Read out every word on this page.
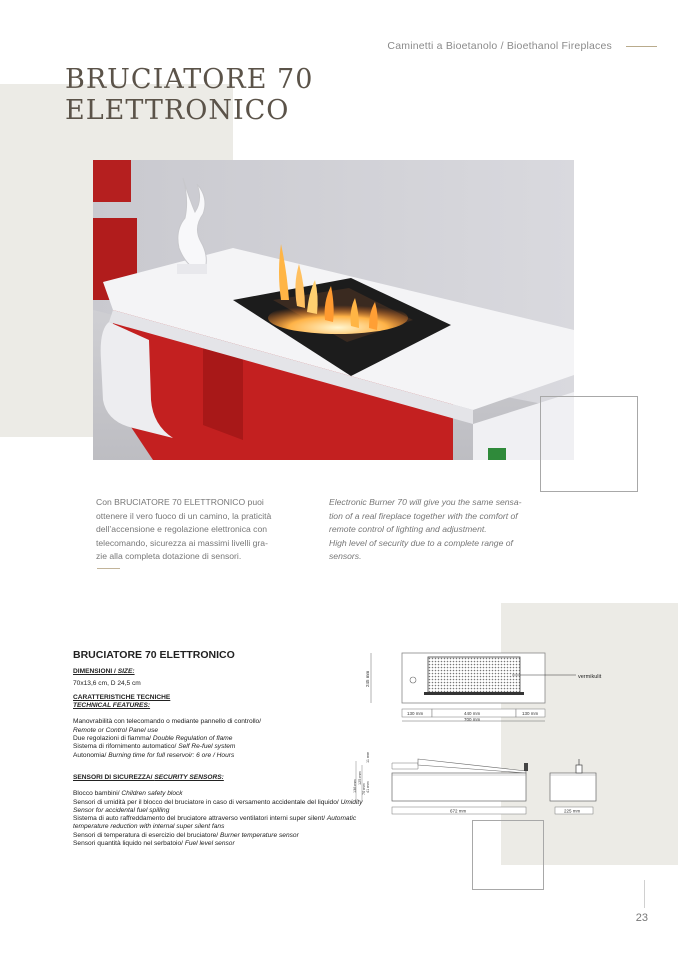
Caminetti a Bioetanolo / Bioethanol Fireplaces
BRUCIATORE 70
ELETTRONICO
Con BRUCIATORE 70 ELETTRONICO puoi
ottenere il vero fuoco di un camino, la praticità
dell’accensione e regolazione elettronica con
telecomando, sicurezza ai massimi livelli gra-
zie alla completa dotazione di sensori.
Electronic Burner 70 will give you the same sensa-
tion of a real fireplace together with the comfort of
remote control of lighting and adjustment.
High level of security due to a complete range of
sensors.
BRUCIATORE 70 ELETTRONICO
DIMENSIONI / SIZE:
70x13,6 cm, D 24,5 cm
CARATTERISTICHE TECNICHE
TECHNICAL FEATURES:
Manovrabilità con telecomando o mediante pannello di controllo/
Remote or Control Panel use
Due regolazioni di fiamma/ Double Regulation of flame
Sistema di rifornimento automatico/ Self Re-fuel system
Autonomia/ Burning time for full reservoir: 6 ore / Hours
SENSORI DI SICUREZZA/ SECURITY SENSORS:
Blocco bambini/ Children safety block
Sensori di umidità per il blocco del bruciatore in caso di versamento accidentale del liquido/ Umidity Sensor for accidental fuel spilling
Sistema di auto raffreddamento del bruciatore attraverso ventilatori interni super silent/ Automatic temperature reduction with internal super silent fans
Sensori di temperatura di esercizio del bruciatore/ Burner temperature sensor
Sensori quantità liquido nel serbatoio/ Fuel level sensor
vermikulit
245 mm
130 mm	440 mm	130 mm
700 mm
136 mm
125 mm
70 mm 41 mm
11 mm
672 mm	225 mm
23
